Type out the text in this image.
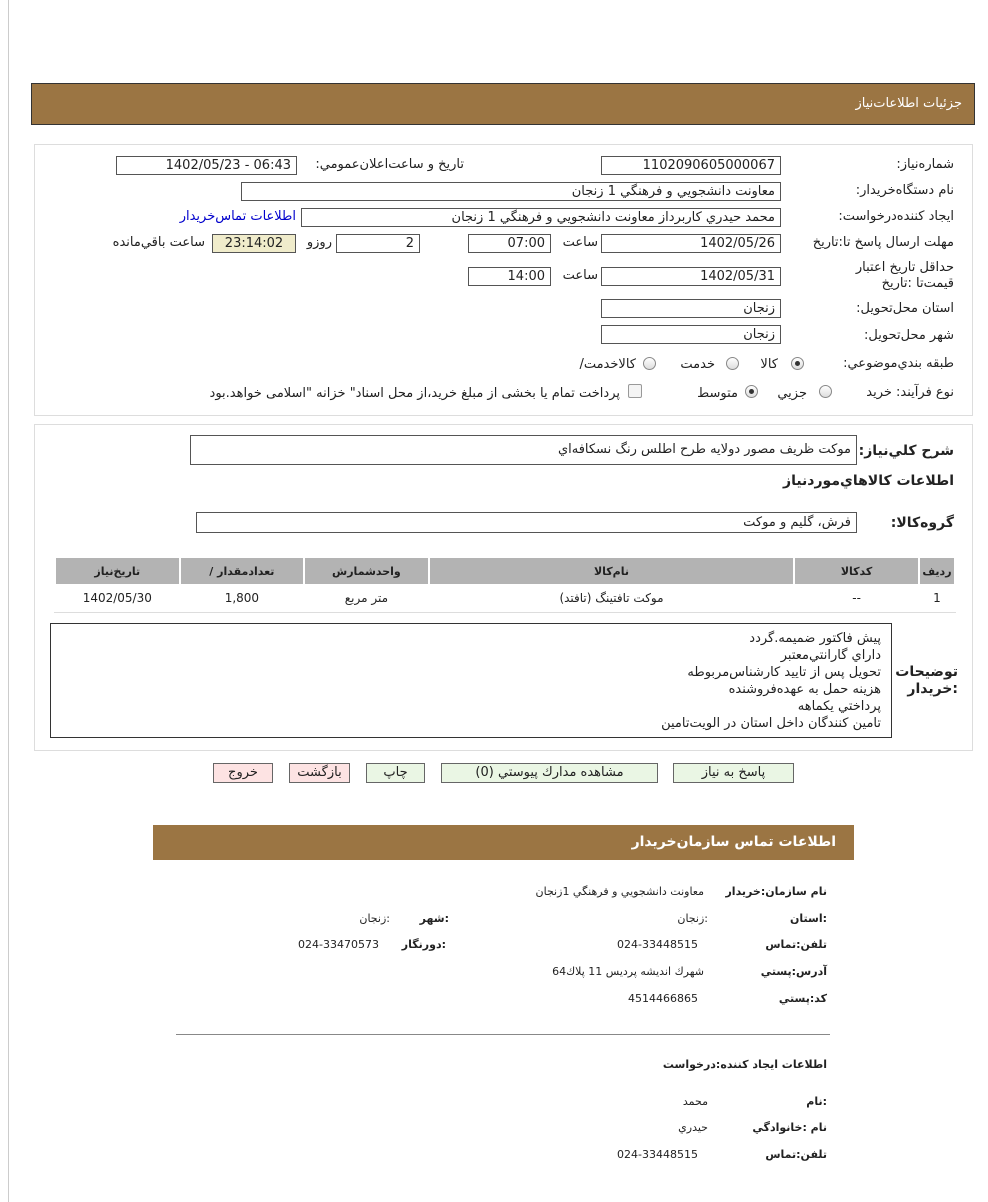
جزئيات اطلاعات‌نياز
شماره‌نياز:
1102090605000067
تاريخ و ساعت‌اعلان‌عمومي:
1402/05/23 - 06:43
نام دستگاه‌خريدار:
معاونت دانشجويي و فرهنگي 1 زنجان
ايجاد كننده‌درخواست:
محمد حيدري كاربرداز معاونت دانشجويي و فرهنگي 1 زنجان
اطلاعات تماس‌خريدار
مهلت ارسال پاسخ تا:تاريخ
1402/05/26
ساعت
07:00
2
روزو
23:14:02
ساعت باقي‌مانده
حداقل تاريخ اعتبار قيمت‌تا :تاريخ
1402/05/31
ساعت
14:00
استان محل‌تحويل:
زنجان
شهر محل‌تحويل:
زنجان
طبقه بندي‌موضوعي:
كالا
خدمت
كالا‌خدمت/
نوع فرآيند: خريد
جزيي
متوسط
پرداخت تمام يا بخشی از مبلغ خريد،از محل اسناد" خزانه "اسلامی خواهد.بود
شرح كلي‌نياز:
موكت ظريف مصور دولايه طرح اطلس رنگ نسكافه‌اي
اطلاعات كالاهاي‌موردنياز
گروه‌كالا:
فرش، گليم و موكت
رديف	كدكالا	نام‌كالا	واحدشمارش	تعدادمقدار /	تاريخ‌نياز
1	--	موكت تافتينگ (تافتد)	متر مربع	1,800	1402/05/30
توضيحات :خريدار
پيش فاكتور ضميمه.گردد
داراي گارانتي‌معتبر
تحويل پس از تاييد كارشناس‌مربوطه
هزينه حمل به عهده‌فروشنده
پرداختي يكماهه
تامين كنندگان داخل استان در الويت‌تامين
پاسخ به نياز
مشاهده مدارك پيوستي (0)
چاپ
بازگشت
خروج
اطلاعات تماس سازمان‌خريدار
نام سازمان:خريدار
معاونت دانشجويي و فرهنگي 1زنجان
:استان
:زنجان
:شهر
:زنجان
تلفن:تماس
024-33448515
:دورنگار
024-33470573
آدرس:پستي
شهرك انديشه پرديس 11 پلاك64
كد:پستي
4514466865
اطلاعات ايجاد كننده:درخواست
:نام
محمد
نام :خانوادگي
حيدري
تلفن:تماس
024-33448515
